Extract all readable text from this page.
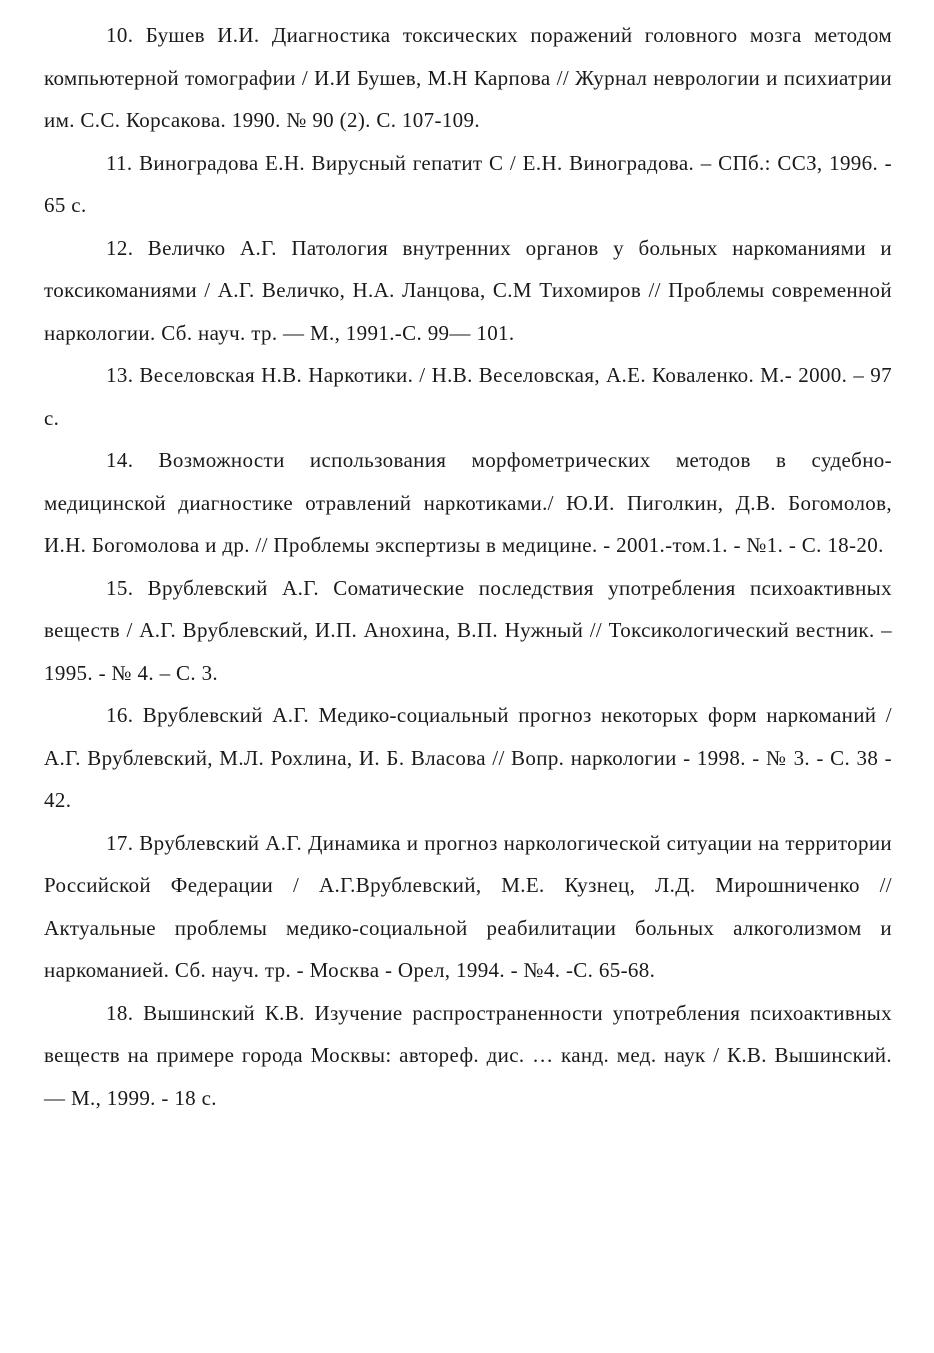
10. Бушев И.И. Диагностика токсических поражений головного мозга методом компьютерной томографии / И.И Бушев, М.Н Карпова // Журнал неврологии и психиатрии им. С.С. Корсакова. 1990. № 90 (2). С. 107-109.

11. Виноградова Е.Н. Вирусный гепатит С / Е.Н. Виноградова. – СПб.: ССЗ, 1996. - 65 с.

12. Величко А.Г. Патология внутренних органов у больных наркоманиями и токсикоманиями / А.Г. Величко, Н.А. Ланцова, С.М Тихомиров // Проблемы современной наркологии. Сб. науч. тр. — М., 1991.-С. 99— 101.

13. Веселовская Н.В. Наркотики. / Н.В. Веселовская, А.Е. Коваленко. М.- 2000. – 97 с.

14. Возможности использования морфометрических методов в судебно-медицинской диагностике отравлений наркотиками./ Ю.И. Пиголкин, Д.В. Богомолов, И.Н. Богомолова и др. // Проблемы экспертизы в медицине. - 2001.-том.1. - №1. - С. 18-20.

15. Врублевский А.Г. Соматические последствия употребления психоактивных веществ / А.Г. Врублевский, И.П. Анохина, В.П. Нужный // Токсикологический вестник. – 1995. - № 4. – С. 3.

16. Врублевский А.Г. Медико-социальный прогноз некоторых форм наркоманий / А.Г. Врублевский, М.Л. Рохлина, И. Б. Власова // Вопр. наркологии - 1998. - № 3. - С. 38 - 42.

17. Врублевский А.Г. Динамика и прогноз наркологической ситуации на территории Российской Федерации / А.Г.Врублевский, М.Е. Кузнец, Л.Д. Мирошниченко // Актуальные проблемы медико-социальной реабилитации больных алкоголизмом и наркоманией. Сб. науч. тр. - Москва - Орел, 1994. - №4. -С. 65-68.

18. Вышинский К.В. Изучение распространенности употребления психоактивных веществ на примере города Москвы: автореф. дис. … канд. мед. наук / К.В. Вышинский. — М., 1999. - 18 с.
